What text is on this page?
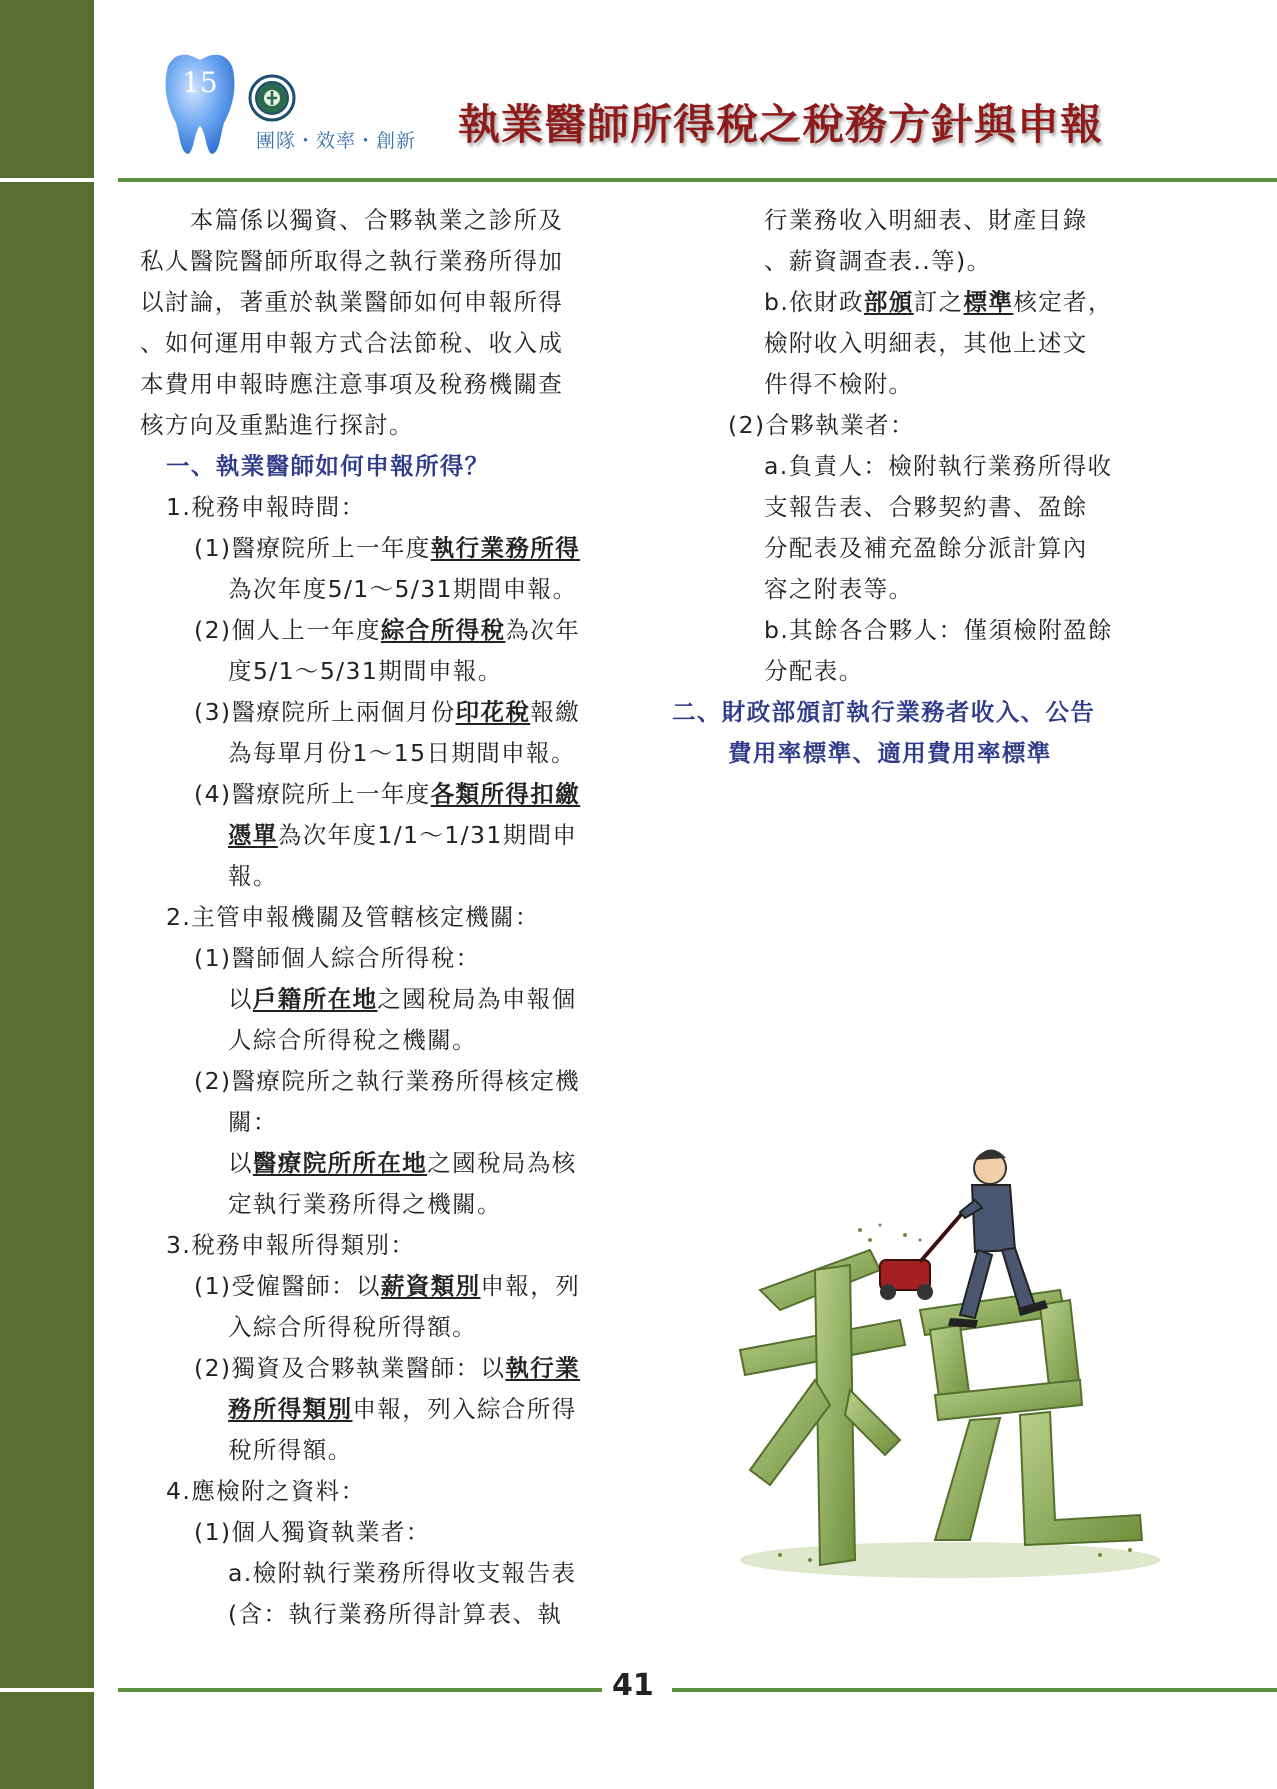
15
團隊・效率・創新 執業醫師所得稅之稅務方針與申報
　　本篇係以獨資、合夥執業之診所及
私人醫院醫師所取得之執行業務所得加
以討論，著重於執業醫師如何申報所得
、如何運用申報方式合法節稅、收入成
本費用申報時應注意事項及稅務機關查
核方向及重點進行探討。
一、執業醫師如何申報所得？
1.稅務申報時間：
(1)醫療院所上一年度執行業務所得
為次年度5/1～5/31期間申報。
(2)個人上一年度綜合所得稅為次年
度5/1～5/31期間申報。
(3)醫療院所上兩個月份印花稅報繳
為每單月份1～15日期間申報。
(4)醫療院所上一年度各類所得扣繳
憑單為次年度1/1～1/31期間申
報。
2.主管申報機關及管轄核定機關：
(1)醫師個人綜合所得稅：
以戶籍所在地之國稅局為申報個
人綜合所得稅之機關。
(2)醫療院所之執行業務所得核定機
關：
以醫療院所所在地之國稅局為核
定執行業務所得之機關。
3.稅務申報所得類別：
(1)受僱醫師：以薪資類別申報，列
入綜合所得稅所得額。
(2)獨資及合夥執業醫師：以執行業
務所得類別申報，列入綜合所得
稅所得額。
4.應檢附之資料：
(1)個人獨資執業者：
a.檢附執行業務所得收支報告表
(含：執行業務所得計算表、執
行業務收入明細表、財產目錄
、薪資調查表..等)。
b.依財政部頒訂之標準核定者，
檢附收入明細表，其他上述文
件得不檢附。
(2)合夥執業者：
a.負責人：檢附執行業務所得收
支報告表、合夥契約書、盈餘
分配表及補充盈餘分派計算內
容之附表等。
b.其餘各合夥人：僅須檢附盈餘
分配表。
二、財政部頒訂執行業務者收入、公告
費用率標準、適用費用率標準
41
